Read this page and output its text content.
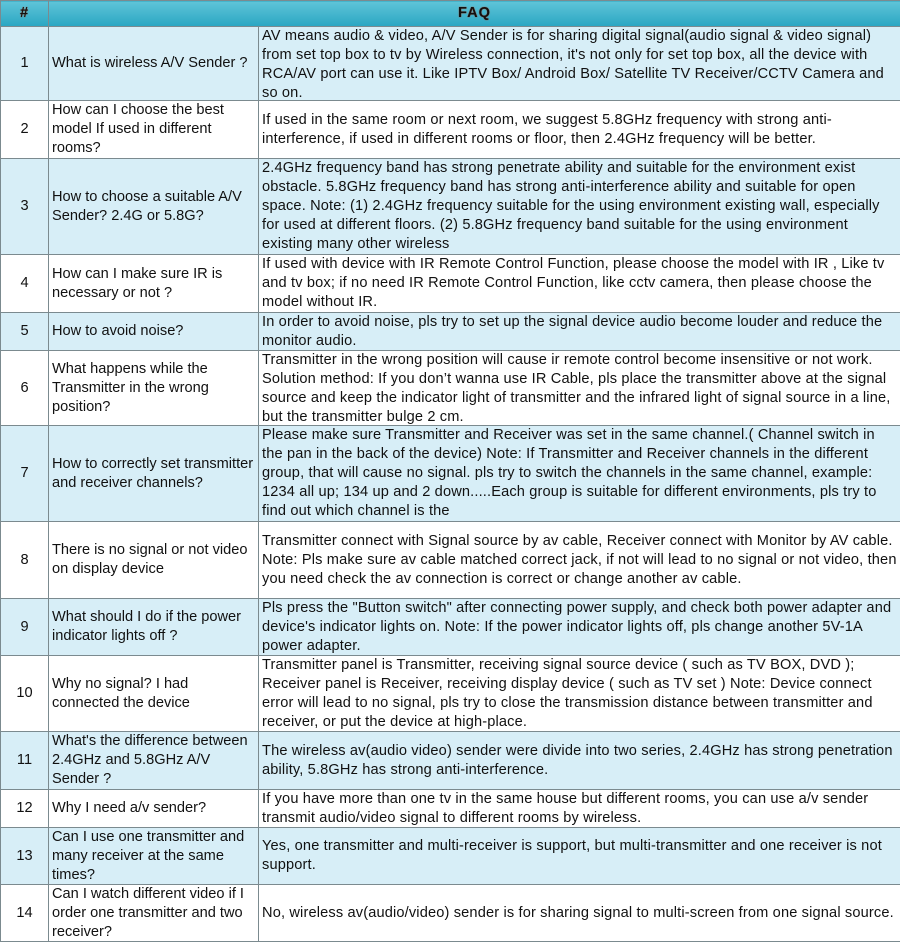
#	FAQ	

1	What is wireless A/V Sender ?	AV means audio & video, A/V Sender is for sharing digital signal(audio signal & video signal) from set top box to tv by Wireless connection, it's not only for set top box, all the device with RCA/AV port can use it. Like IPTV Box/ Android Box/ Satellite TV Receiver/CCTV Camera and so on.

2	How can I choose the best model If used in different rooms?	If used in the same room or next room, we suggest 5.8GHz frequency with strong anti-interference, if used in different rooms or floor, then 2.4GHz frequency will be better.

3	How to choose a suitable A/V Sender? 2.4G or 5.8G?	2.4GHz frequency band has strong penetrate ability and suitable for the environment exist obstacle. 5.8GHz frequency band has strong anti-interference ability and suitable for open space. Note: (1) 2.4GHz frequency suitable for the using environment existing wall, especially for used at different floors. (2) 5.8GHz frequency band suitable for the using environment existing many other wireless

4	How can I make sure IR is necessary or not ?	If used with device with IR Remote Control Function, please choose the model with IR , Like tv and tv box; if no need IR Remote Control Function, like cctv camera, then please choose the model without IR.

5	How to avoid noise?	In order to avoid noise, pls try to set up the signal device audio become louder and reduce the monitor audio.

6	What happens while the Transmitter in the wrong position?	Transmitter in the wrong position will cause ir remote control become insensitive or not work. Solution method: If you don’t wanna use IR Cable, pls place the transmitter above at the signal source and keep the indicator light of transmitter and the infrared light of signal source in a line, but the transmitter bulge 2 cm.

7	How to correctly set transmitter and receiver channels?	Please make sure Transmitter and Receiver was set in the same channel.( Channel switch in the pan in the back of the device) Note: If Transmitter and Receiver channels in the different group, that will cause no signal. pls try to switch the channels in the same channel, example: 1234 all up; 134 up and 2 down.....Each group is suitable for different environments, pls try to find out which channel is the

8	There is no signal or not video on display device	Transmitter connect with Signal source by av cable, Receiver connect with Monitor by AV cable. Note: Pls make sure av cable matched correct jack, if not will lead to no signal or not video, then you need check the av connection is correct or change another av cable.

9	What should I do if the power indicator lights off ?	Pls press the "Button switch" after connecting power supply, and check both power adapter and device's indicator lights on. Note: If the power indicator lights off, pls change another 5V-1A power adapter.

10	Why no signal? I had connected the device	Transmitter panel is Transmitter, receiving signal source device ( such as TV BOX, DVD ); Receiver panel is Receiver, receiving display device ( such as TV set ) Note: Device connect error will lead to no signal, pls try to close the transmission distance between transmitter and receiver, or put the device at high-place.

11	What's the difference between 2.4GHz and 5.8GHz A/V Sender ?	The wireless av(audio video) sender were divide into two series, 2.4GHz has strong penetration ability, 5.8GHz has strong anti-interference.

12	Why I need a/v sender?	If you have more than one tv in the same house but different rooms, you can use a/v sender transmit audio/video signal to different rooms by wireless.

13	Can I use one transmitter and many receiver at the same times?	Yes, one transmitter and multi-receiver is support, but multi-transmitter and one receiver is not support.

14	Can I watch different video if I order one transmitter and two receiver?	No, wireless av(audio/video) sender is for sharing signal to multi-screen from one signal source.
